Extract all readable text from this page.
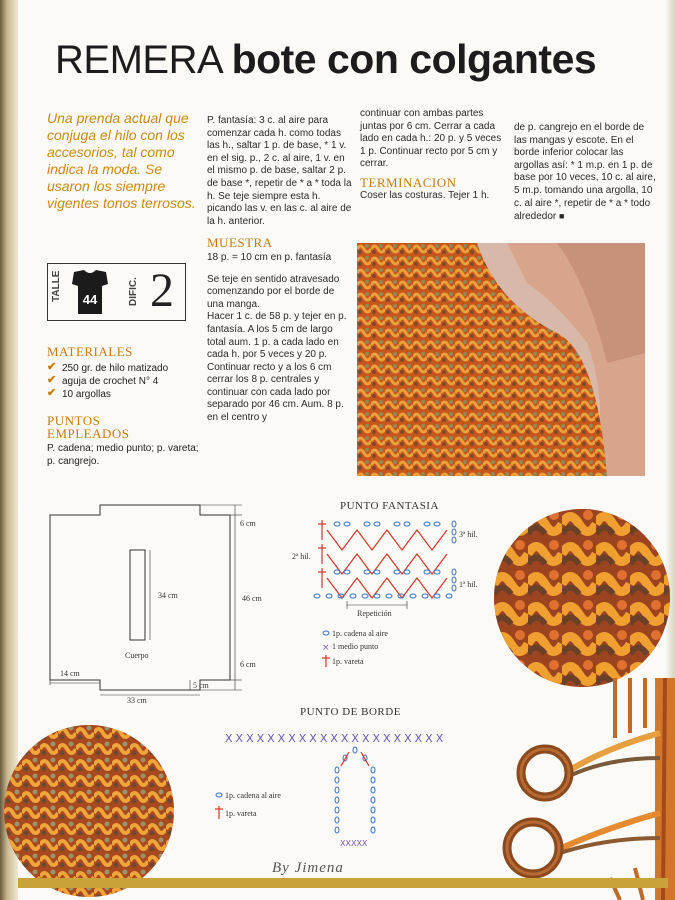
REMERA bote con colgantes
Una prenda actual que conjuga el hilo con los accesorios, tal como indica la moda. Se usaron los siempre vigentes tonos terrosos.
TALLE 44	DIFIC. 2
MATERIALES
✔ 250 gr. de hilo matizado
✔ aguja de crochet N° 4
✔ 10 argollas
PUNTOS
EMPLEADOS

P. cadena; medio punto; p. vareta; p. cangrejo.

P. fantasía: 3 c. al aire para comenzar cada h. como todas las h., saltar 1 p. de base, * 1 v. en el sig. p., 2 c. al aire, 1 v. en el mismo p. de base, saltar 2 p. de base *, repetir de * a * toda la h. Se teje siempre esta h. picando las v. en las c. al aire de la h. anterior.

MUESTRA

18 p. = 10 cm en p. fantasía

Se teje en sentido atravesado comenzando por el borde de una manga.

Hacer 1 c. de 58 p. y tejer en p. fantasía. A los 5 cm de largo total aum. 1 p. a cada lado en cada h. por 5 veces y 20 p. Continuar recto y a los 6 cm cerrar los 8 p. centrales y continuar con cada lado por separado por 46 cm. Aum. 8 p. en el centro y

continuar con ambas partes juntas por 6 cm. Cerrar a cada lado en cada h.: 20 p. y 5 veces 1 p. Continuar recto por 5 cm y cerrar.

TERMINACION

Coser las costuras. Tejer 1 h.

de p. cangrejo en el borde de las mangas y escote. En el borde inferior colocar las argollas así: * 1 m.p. en 1 p. de base por 10 veces, 10 c. al aire, 5 m.p. tomando una argolla, 10 c. al aire *, repetir de * a * todo alrededor ■

6 cm
46 cm
6 cm
34 cm
Cuerpo
14 cm
33 cm
5 cm
PUNTO FANTASIA
3ª hil.
2ª hil.
1ª hil.
Repetición
1p. cadena al aire
× 1 medio punto
1p. vareta
PUNTO DE BORDE
XXXXXXXXXXXXXXXXXXXXX
XXXXX
1p. cadena al aire
1p. vareta
By Jimena
